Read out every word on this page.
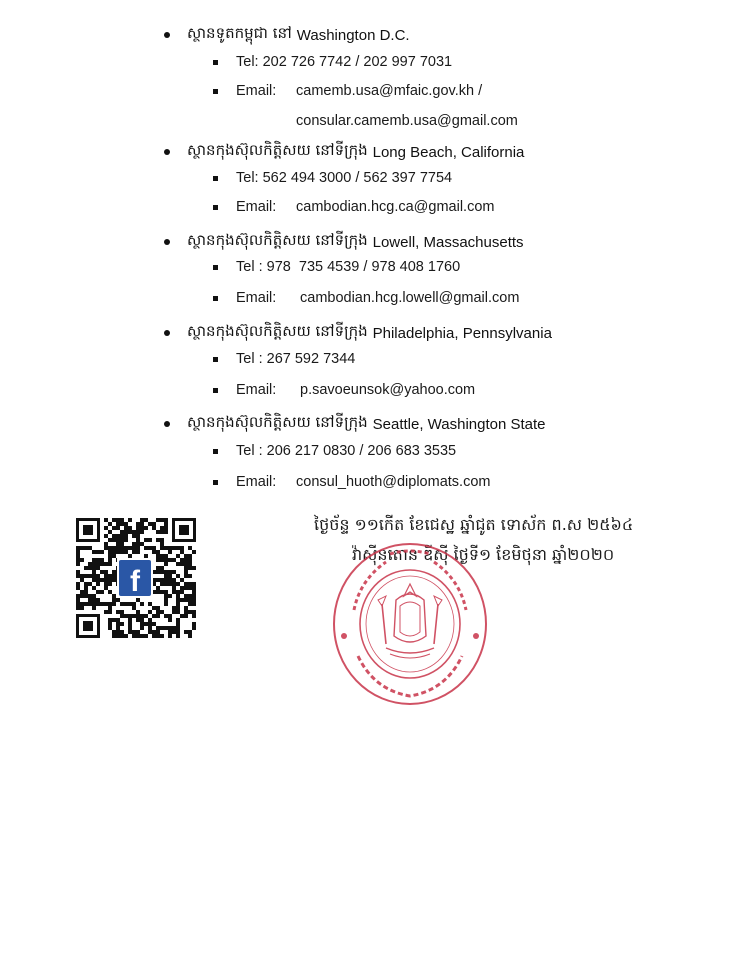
ស្ថានទូតកម្ពុជា នៅ Washington D.C.
Tel:
202 726 7742 / 202 997 7031
Email:	camemb.usa@mfaic.gov.kh /
consular.camemb.usa@gmail.com
ស្ថានកុងស៊ុលកិត្តិសយ នៅទីក្រុង Long Beach, California
Tel:
562 494 3000 / 562 397 7754
Email:	cambodian.hcg.ca@gmail.com
ស្ថានកុងស៊ុលកិត្តិសយ នៅទីក្រុង Lowell, Massachusetts
Tel :
978  735 4539 / 978 408 1760
Email:	cambodian.hcg.lowell@gmail.com
ស្ថានកុងស៊ុលកិត្តិសយ នៅទីក្រុង Philadelphia, Pennsylvania
Tel :
267 592 7344
Email:	p.savoeunsok@yahoo.com
ស្ថានកុងស៊ុលកិត្តិសយ នៅទីក្រុង Seattle, Washington State
Tel :
206 217 0830 / 206 683 3535
Email:	consul_huoth@diplomats.com
ថ្ងៃច័ន្ទ ១១កើត ខែជេស្ឋ ឆ្នាំជូត ទោស័ក ព.ស ២៥៦៤
វ៉ាស៊ីនតោន ឌីស៊ី ថ្ងៃទី១ ខែមិថុនា ឆ្នាំ២០២០
f
